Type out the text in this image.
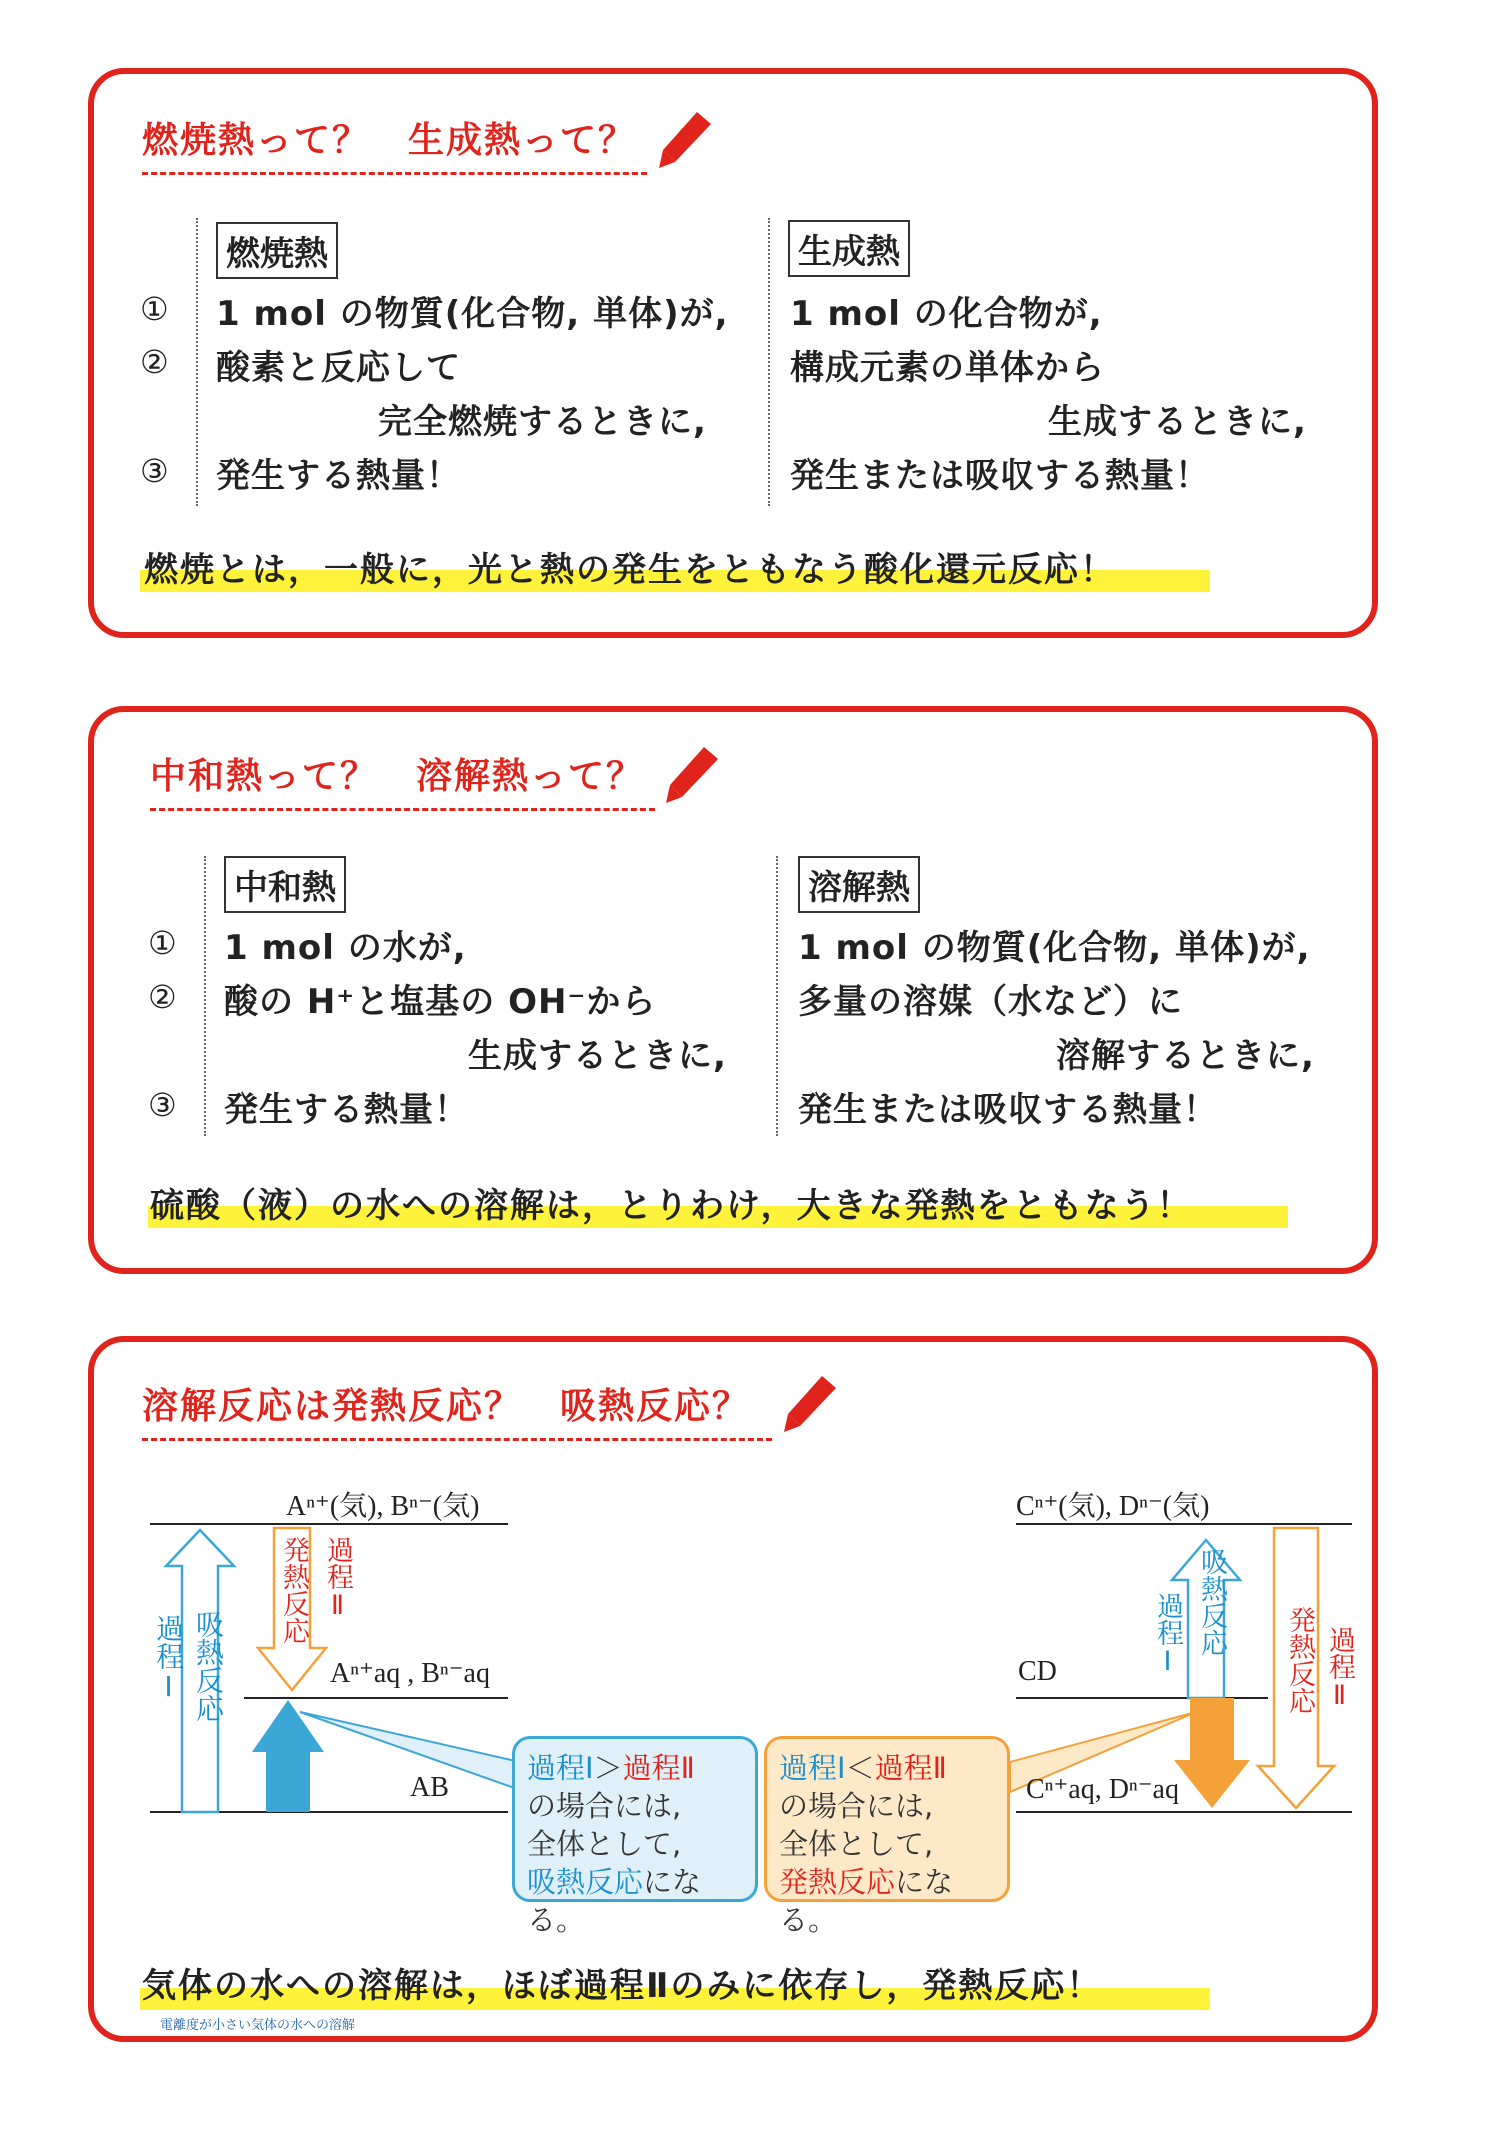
燃焼熱って？　生成熱って？
①
②
③
燃焼熱
1 mol の物質(化合物, 単体)が,
酸素と反応して
完全燃焼するときに,
発生する熱量！
生成熱
1 mol の化合物が,
構成元素の単体から
生成するときに,
発生または吸収する熱量！
燃焼とは，一般に，光と熱の発生をともなう酸化還元反応！
中和熱って？　溶解熱って？
①
②
③
中和熱
1 mol の水が,
酸の H⁺と塩基の OH⁻から
生成するときに,
発生する熱量！
溶解熱
1 mol の物質(化合物, 単体)が,
多量の溶媒（水など）に
溶解するときに,
発生または吸収する熱量！
硫酸（液）の水への溶解は，とりわけ，大きな発熱をともなう！
溶解反応は発熱反応？　吸熱反応？
Aⁿ⁺(気), Bⁿ⁻(気)
Aⁿ⁺aq , Bⁿ⁻aq
AB
過程Ⅰ 吸熱反応
発熱反応 過程Ⅱ
Cⁿ⁺(気), Dⁿ⁻(気)
CD
Cⁿ⁺aq, Dⁿ⁻aq
過程Ⅰ 吸熱反応
発熱反応 過程Ⅱ
過程Ⅰ＞過程Ⅱ
の場合には,
全体として,
吸熱反応になる。
過程Ⅰ＜過程Ⅱ
の場合には,
全体として,
発熱反応になる。
気体の水への溶解は，ほぼ過程Ⅱのみに依存し，発熱反応！
電離度が小さい気体の水への溶解
